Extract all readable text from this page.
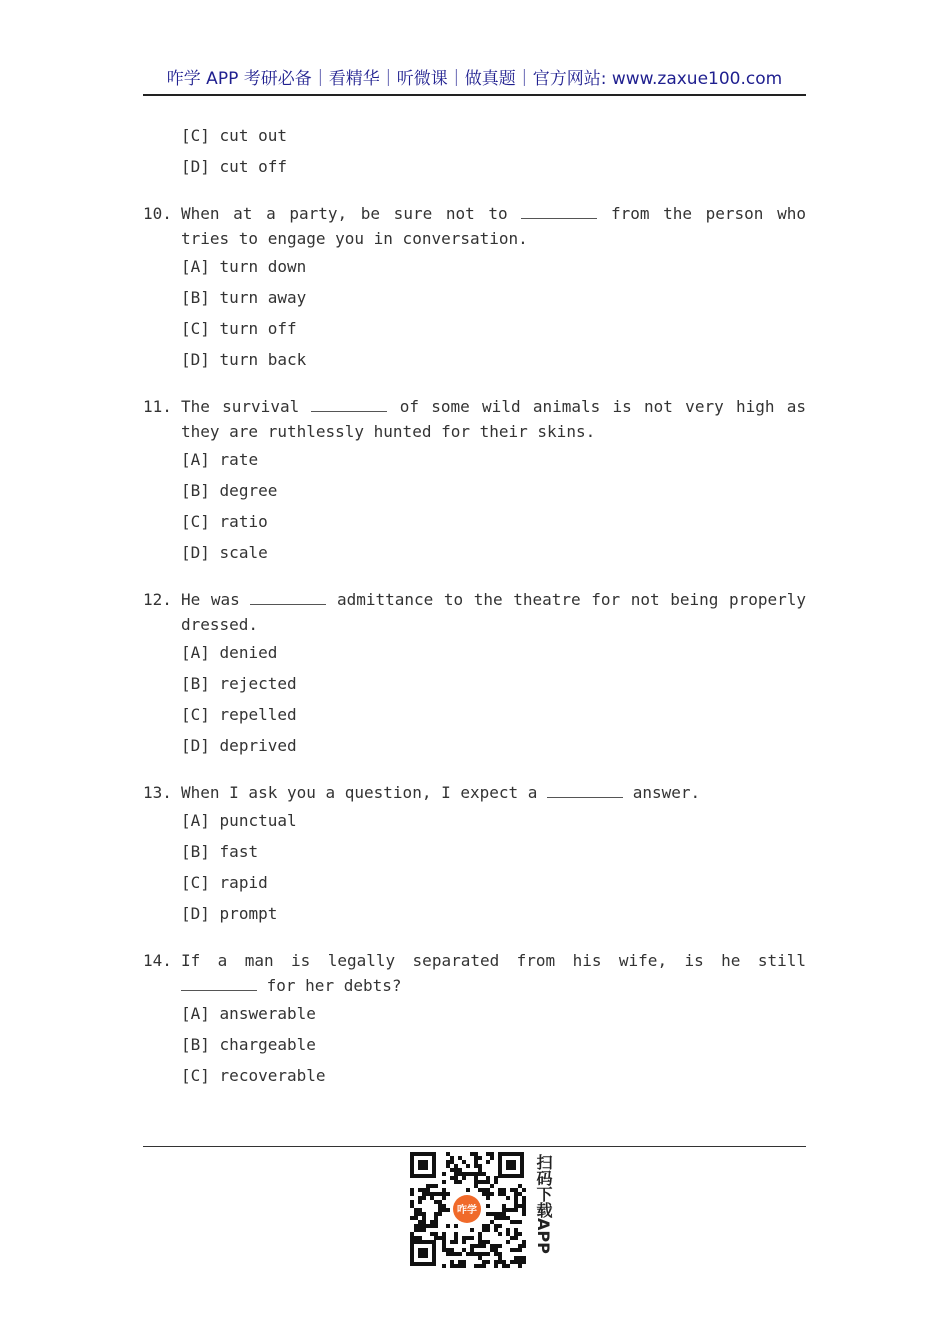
咋学 APP 考研必备｜看精华｜听微课｜做真题｜官方网站: www.zaxue100.com
[C] cut out
[D] cut off
10. When at a party, be sure not to	from the person who tries to engage you in conversation.
[A] turn down
[B] turn away
[C] turn off
[D] turn back
11. The survival	of some wild animals is not very high as they are ruthlessly hunted for their skins.
[A] rate
[B] degree
[C] ratio
[D] scale
12. He was	admittance to the theatre for not being properly dressed.
[A] denied
[B] rejected
[C] repelled
[D] deprived
13. When I ask you a question, I expect a	answer.
[A] punctual
[B] fast
[C] rapid
[D] prompt
14. If a man is legally separated from his wife, is he still  for her debts?
[A] answerable
[B] chargeable
[C] recoverable
咋学	扫码下载APP
